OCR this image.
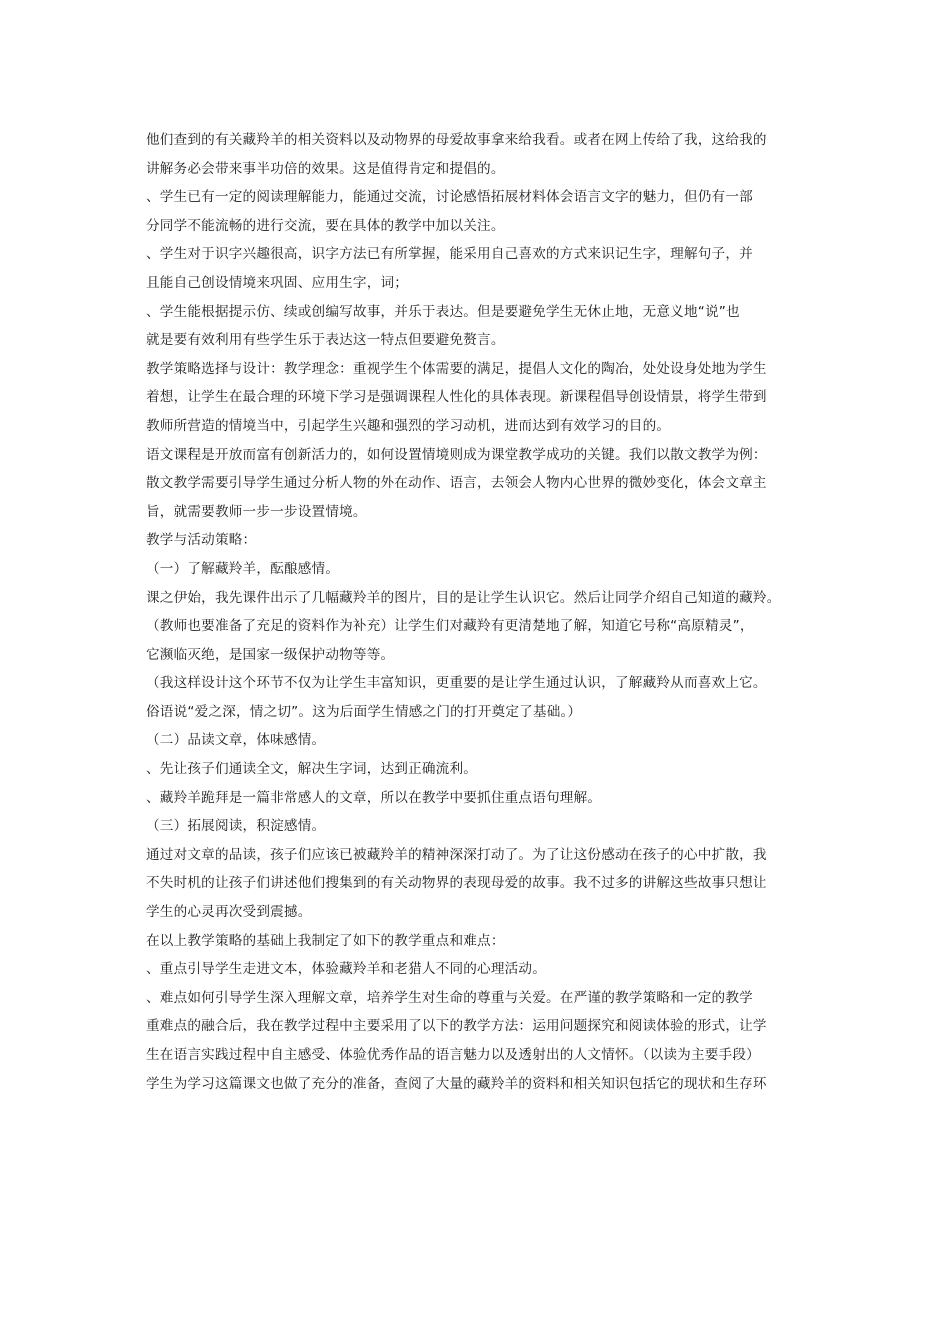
他们查到的有关藏羚羊的相关资料以及动物界的母爱故事拿来给我看。或者在网上传给了我，这给我的
讲解务必会带来事半功倍的效果。这是值得肯定和提倡的。
、学生已有一定的阅读理解能力，能通过交流，讨论感悟拓展材料体会语言文字的魅力，但仍有一部
分同学不能流畅的进行交流，要在具体的教学中加以关注。
、学生对于识字兴趣很高，识字方法已有所掌握，能采用自己喜欢的方式来识记生字，理解句子，并
且能自己创设情境来巩固、应用生字，词；
、学生能根据提示仿、续或创编写故事，并乐于表达。但是要避免学生无休止地，无意义地“说”也
就是要有效利用有些学生乐于表达这一特点但要避免赘言。
教学策略选择与设计：教学理念：重视学生个体需要的满足，提倡人文化的陶冶，处处设身处地为学生
着想，让学生在最合理的环境下学习是强调课程人性化的具体表现。新课程倡导创设情景，将学生带到
教师所营造的情境当中，引起学生兴趣和强烈的学习动机，进而达到有效学习的目的。
语文课程是开放而富有创新活力的，如何设置情境则成为课堂教学成功的关键。我们以散文教学为例：
散文教学需要引导学生通过分析人物的外在动作、语言，去领会人物内心世界的微妙变化，体会文章主
旨，就需要教师一步一步设置情境。
教学与活动策略：
（一）了解藏羚羊，酝酿感情。
课之伊始，我先课件出示了几幅藏羚羊的图片，目的是让学生认识它。然后让同学介绍自己知道的藏羚。
（教师也要准备了充足的资料作为补充）让学生们对藏羚有更清楚地了解，知道它号称“高原精灵”，
它濒临灭绝，是国家一级保护动物等等。
（我这样设计这个环节不仅为让学生丰富知识，更重要的是让学生通过认识，了解藏羚从而喜欢上它。
俗语说“爱之深，情之切”。这为后面学生情感之门的打开奠定了基础。）
（二）品读文章，体味感情。
、先让孩子们通读全文，解决生字词，达到正确流利。
、藏羚羊跪拜是一篇非常感人的文章，所以在教学中要抓住重点语句理解。
（三）拓展阅读，积淀感情。
通过对文章的品读，孩子们应该已被藏羚羊的精神深深打动了。为了让这份感动在孩子的心中扩散，我
不失时机的让孩子们讲述他们搜集到的有关动物界的表现母爱的故事。我不过多的讲解这些故事只想让
学生的心灵再次受到震撼。
在以上教学策略的基础上我制定了如下的教学重点和难点：
、重点引导学生走进文本，体验藏羚羊和老猎人不同的心理活动。
、难点如何引导学生深入理解文章，培养学生对生命的尊重与关爱。在严谨的教学策略和一定的教学
重难点的融合后，我在教学过程中主要采用了以下的教学方法：运用问题探究和阅读体验的形式，让学
生在语言实践过程中自主感受、体验优秀作品的语言魅力以及透射出的人文情怀。（以读为主要手段）
学生为学习这篇课文也做了充分的准备，查阅了大量的藏羚羊的资料和相关知识包括它的现状和生存环
